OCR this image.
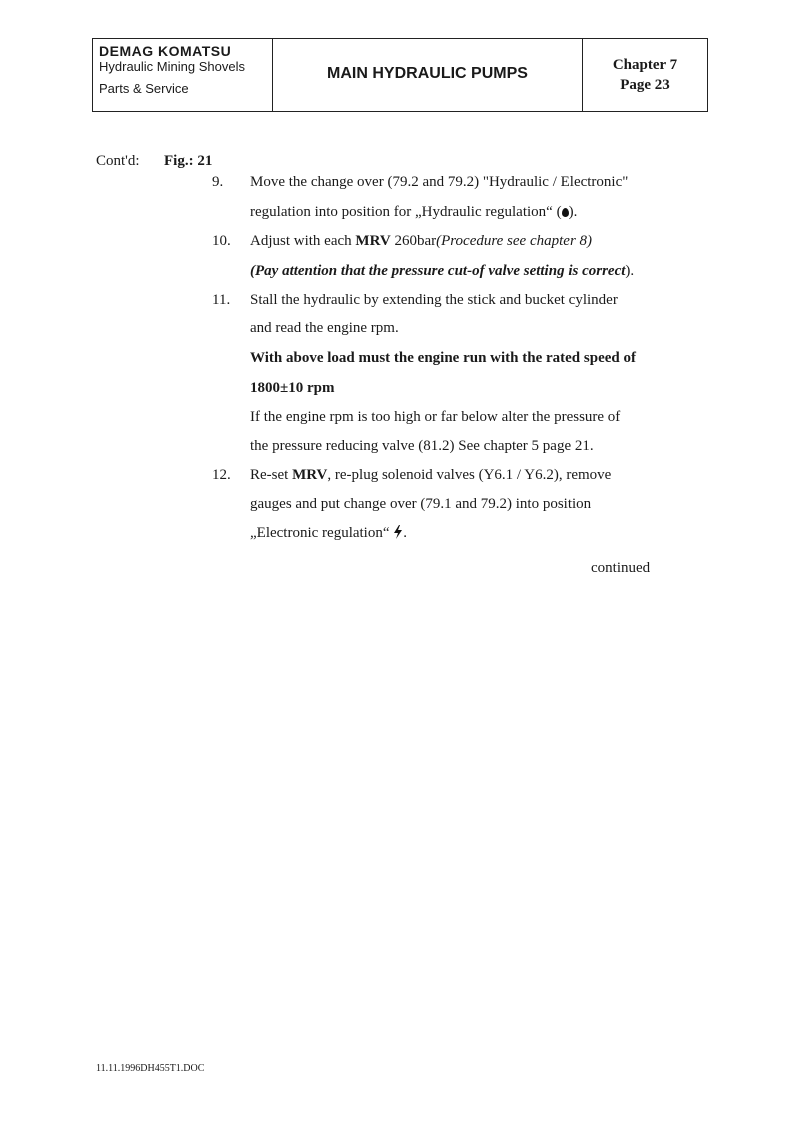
DEMAG KOMATSU
Hydraulic Mining Shovels
Parts & Service
MAIN HYDRAULIC PUMPS	Chapter 7
Page 23
Cont'd: Fig.: 21
9. Move the change over (79.2 and 79.2) "Hydraulic / Electronic"
regulation into position for „Hydraulic regulation“ ( ).
10. Adjust with each MRV 260bar(Procedure see chapter 8)
(Pay attention that the pressure cut-of valve setting is correct).
11. Stall the hydraulic by extending the stick and bucket cylinder
and read the engine rpm.
With above load must the engine run with the rated speed of
1800±10 rpm
If the engine rpm is too high or far below alter the pressure of
the pressure reducing valve (81.2) See chapter 5 page 21.
12. Re-set MRV, re-plug solenoid valves (Y6.1 / Y6.2), remove
gauges and put change over (79.1 and 79.2) into position
„Electronic regulation“ .
continued
11.11.1996DH455T1.DOC
